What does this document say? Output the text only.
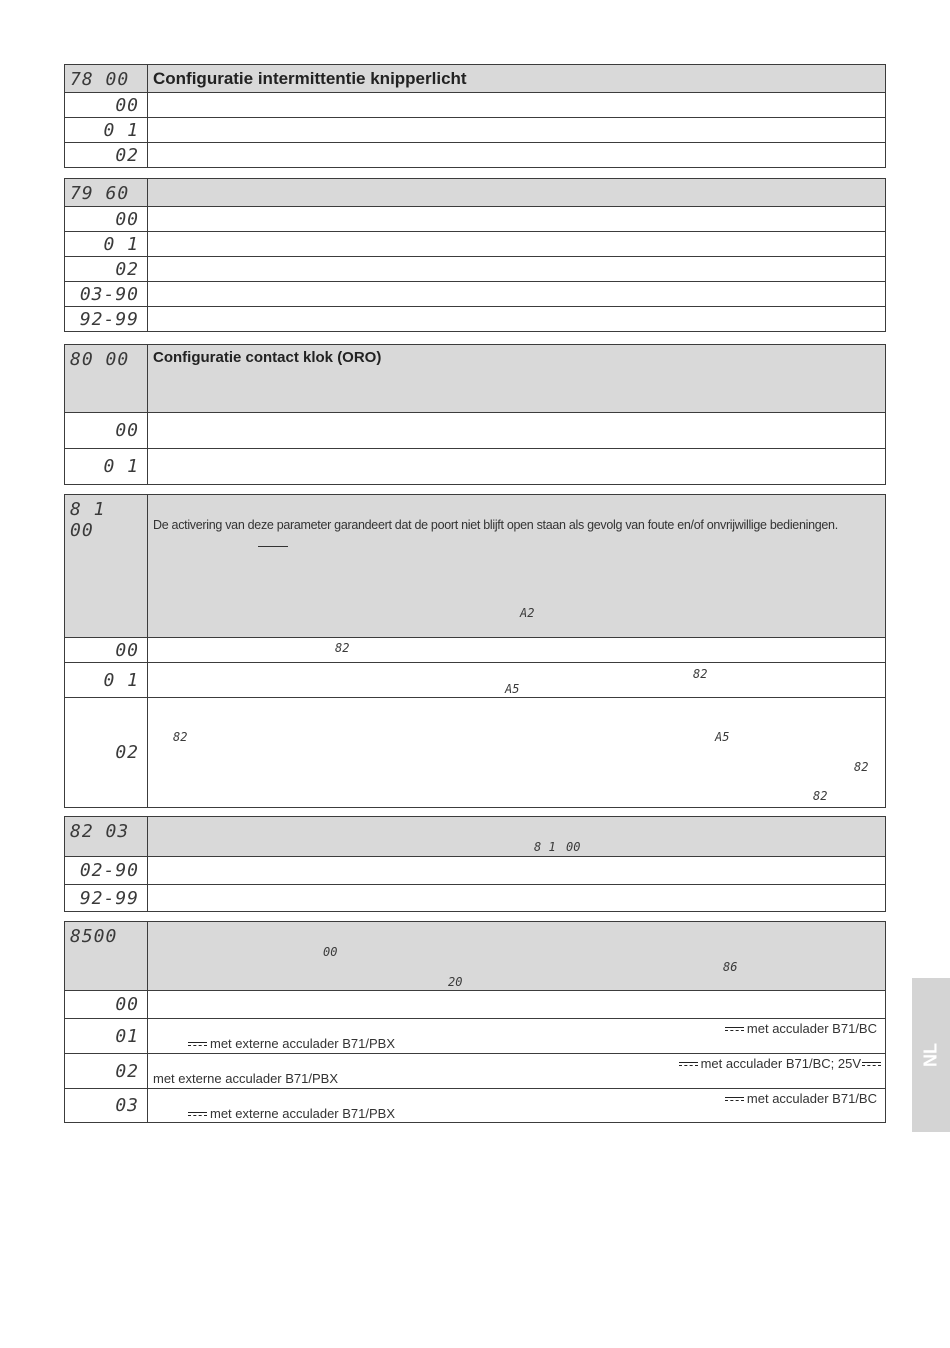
78 00	Configuratie intermittentie knipperlicht
00	
0 1	
02	
79 60	
00	
0 1	
02	
03-90	
92-99	
80 00	Configuratie contact klok (ORO)
00	
0 1	
8 1 00	De activering van deze parameter garandeert dat de poort niet blijft open staan als gevolg van foute en/of onvrijwillige bedieningen.
A2

00	82

0 1	82
A5

02	82 A5
82
82
82 03	8 1 00

02-90	
92-99	
8500	00
86
20

00	
01	met acculader B71/BC
met externe acculader B71/PBX

02	met acculader B71/BC; 25V
met externe acculader B71/PBX

03	met acculader B71/BC
met externe acculader B71/PBX
NL
